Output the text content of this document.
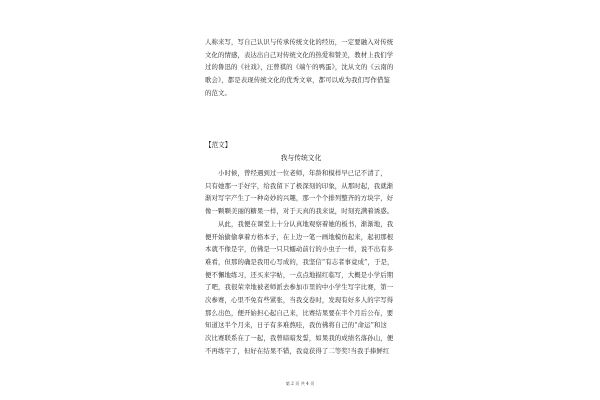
人称来写，写自己认识与传承传统文化的经历，一定要融入对传统
文化的情感，表达出自己对传统文化的热爱和赞美，教材上我们学
过的鲁迅的《社戏》，汪曾祺的《端午的鸭蛋》，沈从文的《云南的
歌会》，都是表现传统文化的优秀文章，都可以成为我们写作借鉴
的范文。
【范文】
我与传统文化
小时候，曾经遇到过一位老师，年龄和模样早已记不清了，
只有她那一手好字，给我留下了极深刻的印象，从那时起，我就渐
渐对写字产生了一种奇妙的兴趣，那一个个排列整齐的方块字，好
像一颗颗美丽的糖果一样，对于天真的我来说，时刻充满着诱惑。
从此，我便在课堂上十分认真地观察着她的板书，渐渐地，我
便开始偷偷拿着方格本子，在上边一笔一画地模仿起来，起初那根
本就不像是字，仿佛是一只只蠕动前行的小虫子一样，说不出有多
难看，但那的确是我用心写成的，我坚信“有志者事竟成”，于是，
便不懈地练习，还买来字帖，一点点地描红临写，大概是小学后期
了吧，我很荣幸地被老师派去参加市里的中小学生写字比赛，第一
次参赛，心里不免有些紧张，当我交卷时，发现有好多人的字写得
那么出色，便开始担心起自己来，比赛结果要在半个月后公布，要
知道这半个月来，日子有多难熬哇，我仿佛将自己的“命运”和这
次比赛联系在了一起，我曾暗暗发誓，如果我的成绩名落孙山，便
不再练字了，但好在结果不错，我竟获得了二等奖!当我手捧鲜红
第 2 页 共 4 页
